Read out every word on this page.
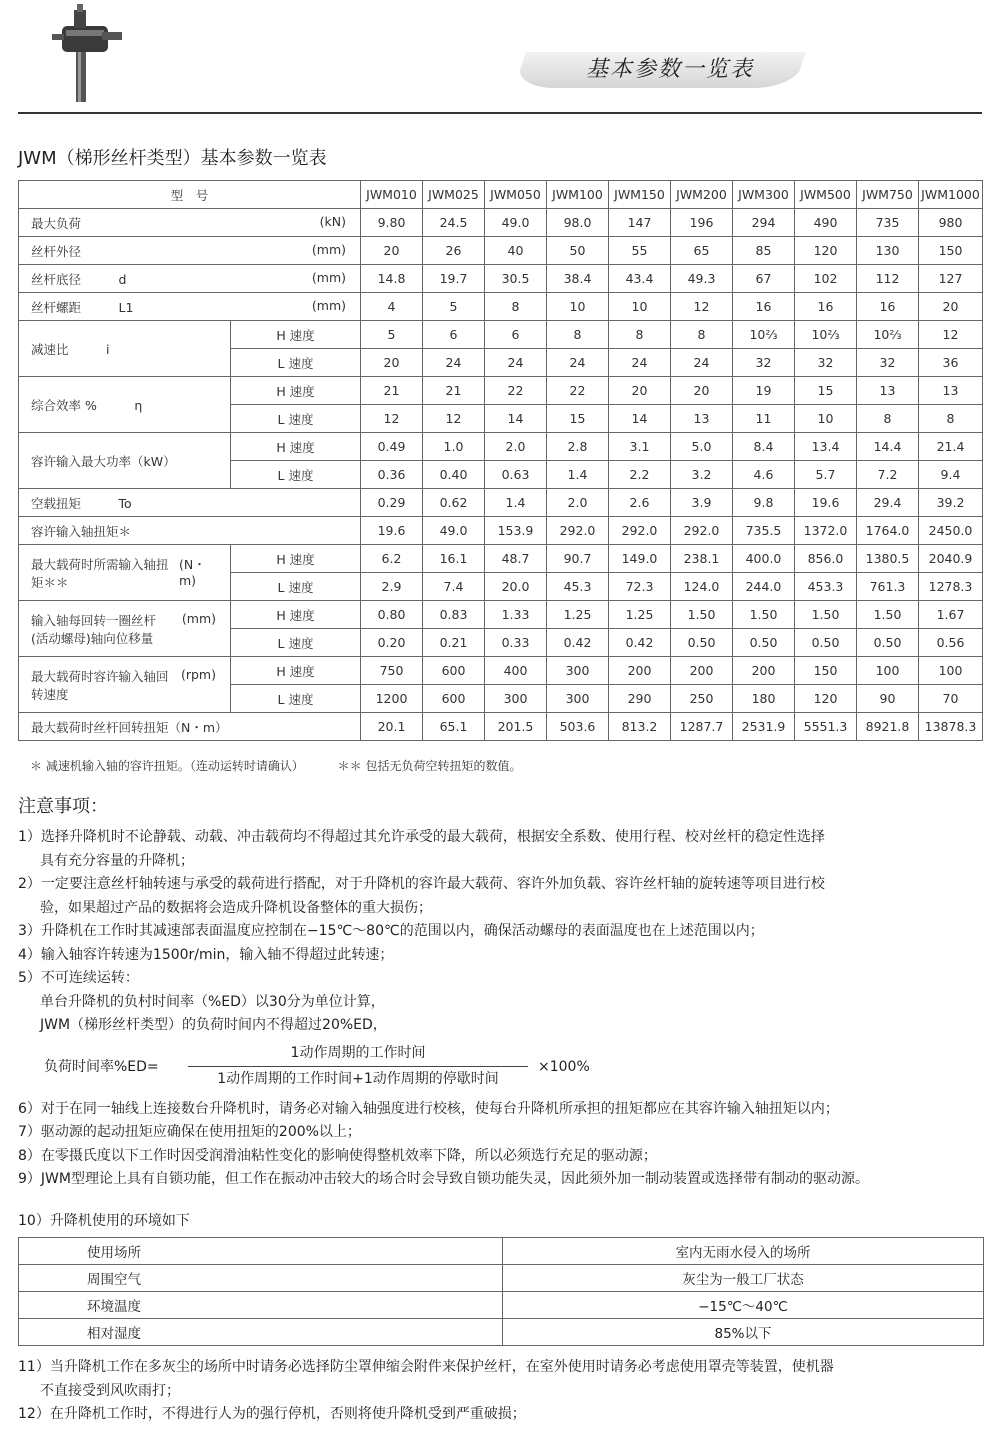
基本参数一览表
JWM（梯形丝杆类型）基本参数一览表
型　号		JWM010	JWM025	JWM050	JWM100	JWM150	JWM200	JWM300	JWM500	JWM750	JWM1000

最大负荷 (kN)		9.80	24.5	49.0	98.0	147	196	294	490	735	980

丝杆外径 (mm)		20	26	40	50	55	65	85	120	130	150

丝杆底径　　　d (mm)		14.8	19.7	30.5	38.4	43.4	49.3	67	102	112	127

丝杆螺距　　　L1 (mm)		4	5	8	10	10	12	16	16	16	20

减速比　　　i	H 速度	5	6	6	8	8	8	10⅔	10⅔	10⅔	12
	L 速度	20	24	24	24	24	24	32	32	32	36

综合效率 %　　　η	H 速度	21	21	22	22	20	20	19	15	13	13
	L 速度	12	12	14	15	14	13	11	10	8	8

容许输入最大功率（kW）	H 速度	0.49	1.0	2.0	2.8	3.1	5.0	8.4	13.4	14.4	21.4
	L 速度	0.36	0.40	0.63	1.4	2.2	3.2	4.6	5.7	7.2	9.4

空载扭矩　　　To		0.29	0.62	1.4	2.0	2.6	3.9	9.8	19.6	29.4	39.2

容许输入轴扭矩＊		19.6	49.0	153.9	292.0	292.0	292.0	735.5	1372.0	1764.0	2450.0

最大载荷时所需输入轴扭矩＊＊
(N・m)	H 速度	6.2	16.1	48.7	90.7	149.0	238.1	400.0	856.0	1380.5	2040.9
	L 速度	2.9	7.4	20.0	45.3	72.3	124.0	244.0	453.3	761.3	1278.3

输入轴每回转一圈丝杆 (mm)
(活动螺母)轴向位移量	H 速度	0.80	0.83	1.33	1.25	1.25	1.50	1.50	1.50	1.50	1.67
	L 速度	0.20	0.21	0.33	0.42	0.42	0.50	0.50	0.50	0.50	0.56

最大载荷时容许输入轴回转速度
(rpm)	H 速度	750	600	400	300	200	200	200	150	100	100
	L 速度	1200	600	300	300	290	250	180	120	90	70

最大载荷时丝杆回转扭矩（N・m）		20.1	65.1	201.5	503.6	813.2	1287.7	2531.9	5551.3	8921.8	13878.3
＊ 减速机输入轴的容许扭矩。（连动运转时请确认）	＊＊ 包括无负荷空转扭矩的数值。
注意事项：

1）选择升降机时不论静载、动载、冲击载荷均不得超过其允许承受的最大载荷，根据安全系数、使用行程、校对丝杆的稳定性选择

具有充分容量的升降机；

2）一定要注意丝杆轴转速与承受的载荷进行搭配，对于升降机的容许最大载荷、容许外加负载、容许丝杆轴的旋转速等项目进行校

验，如果超过产品的数据将会造成升降机设备整体的重大损伤；

3）升降机在工作时其减速部表面温度应控制在−15℃～80℃的范围以内，确保活动螺母的表面温度也在上述范围以内；

4）输入轴容许转速为1500r/min，输入轴不得超过此转速；

5）不可连续运转：

单台升降机的负村时间率（%ED）以30分为单位计算，

JWM（梯形丝杆类型）的负荷时间内不得超过20%ED，

负荷时间率%ED=
1动作周期的工作时间
1动作周期的工作时间+1动作周期的停歇时间
×100%

6）对于在同一轴线上连接数台升降机时，请务必对输入轴强度进行校核，使每台升降机所承担的扭矩都应在其容许输入轴扭矩以内；

7）驱动源的起动扭矩应确保在使用扭矩的200%以上；

8）在零摄氏度以下工作时因受润滑油粘性变化的影响使得整机效率下降，所以必须选行充足的驱动源；

9）JWM型理论上具有自锁功能，但工作在振动冲击较大的场合时会导致自锁功能失灵，因此须外加一制动装置或选择带有制动的驱动源。

10）升降机使用的环境如下
使用场所	室内无雨水侵入的场所
周围空气	灰尘为一般工厂状态
环境温度	−15℃～40℃
相对湿度	85%以下

11）当升降机工作在多灰尘的场所中时请务必选择防尘罩伸缩会附件来保护丝杆，在室外使用时请务必考虑使用罩壳等装置，使机器

不直接受到风吹雨打；

12）在升降机工作时，不得进行人为的强行停机，否则将使升降机受到严重破损；
